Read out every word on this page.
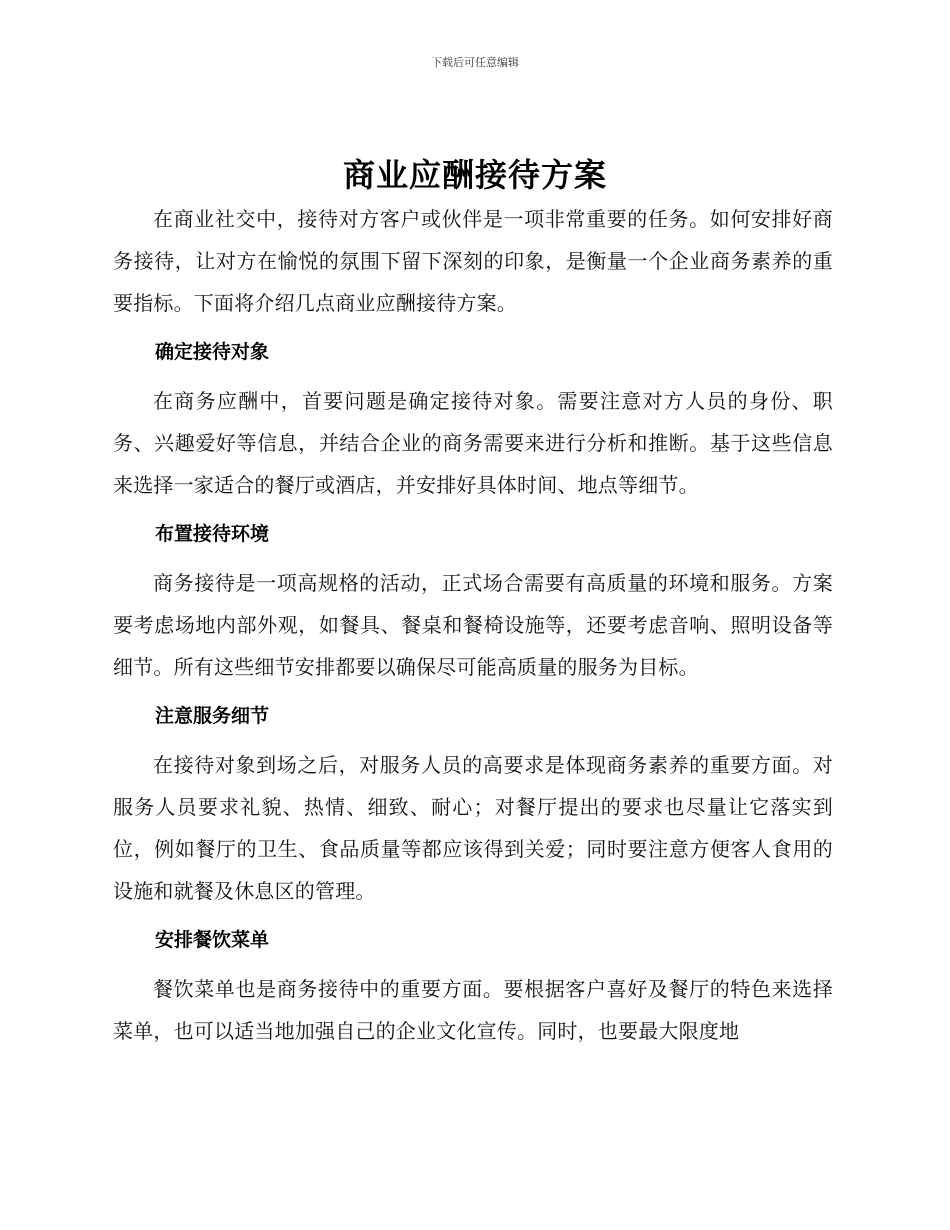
下载后可任意编辑
商业应酬接待方案

在商业社交中，接待对方客户或伙伴是一项非常重要的任务。如何安排好商务接待，让对方在愉悦的氛围下留下深刻的印象，是衡量一个企业商务素养的重要指标。下面将介绍几点商业应酬接待方案。

确定接待对象

在商务应酬中，首要问题是确定接待对象。需要注意对方人员的身份、职务、兴趣爱好等信息，并结合企业的商务需要来进行分析和推断。基于这些信息来选择一家适合的餐厅或酒店，并安排好具体时间、地点等细节。

布置接待环境

商务接待是一项高规格的活动，正式场合需要有高质量的环境和服务。方案要考虑场地内部外观，如餐具、餐桌和餐椅设施等，还要考虑音响、照明设备等细节。所有这些细节安排都要以确保尽可能高质量的服务为目标。

注意服务细节

在接待对象到场之后，对服务人员的高要求是体现商务素养的重要方面。对服务人员要求礼貌、热情、细致、耐心；对餐厅提出的要求也尽量让它落实到位，例如餐厅的卫生、食品质量等都应该得到关爱；同时要注意方便客人食用的设施和就餐及休息区的管理。

安排餐饮菜单

餐饮菜单也是商务接待中的重要方面。要根据客户喜好及餐厅的特色来选择菜单，也可以适当地加强自己的企业文化宣传。同时，也要最大限度地
